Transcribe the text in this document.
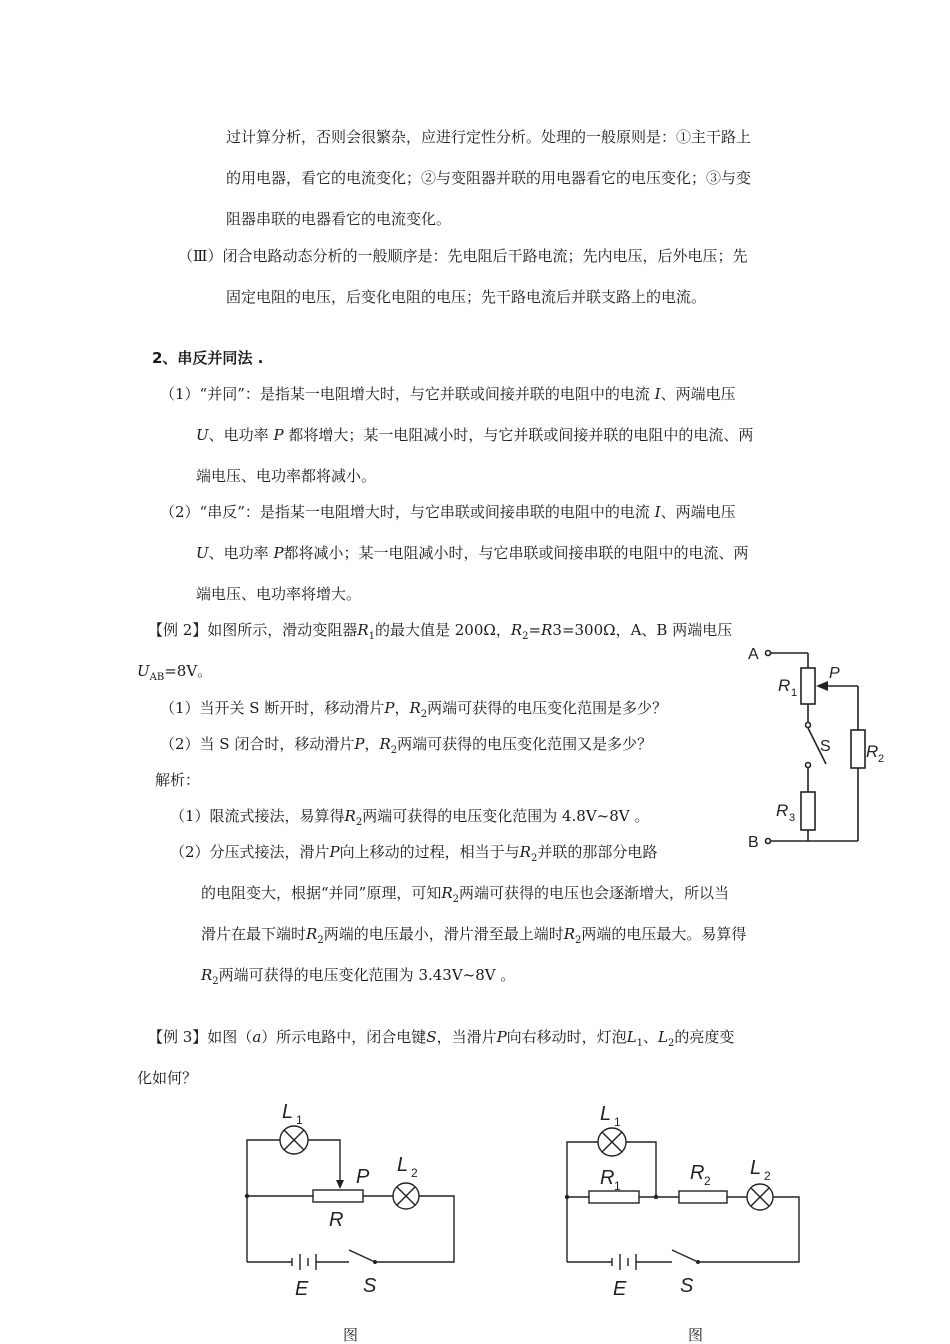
过计算分析，否则会很繁杂，应进行定性分析。处理的一般原则是：①主干路上
的用电器，看它的电流变化；②与变阻器并联的用电器看它的电压变化；③与变
阻器串联的电器看它的电流变化。
（Ⅲ）闭合电路动态分析的一般顺序是：先电阻后干路电流；先内电压，后外电压；先
固定电阻的电压，后变化电阻的电压；先干路电流后并联支路上的电流。
2、串反并同法 .
（1）“并同”：是指某一电阻增大时，与它并联或间接并联的电阻中的电流 I、两端电压
U、电功率 P 都将增大；某一电阻减小时，与它并联或间接并联的电阻中的电流、两
端电压、电功率都将减小。
（2）“串反”：是指某一电阻增大时，与它串联或间接串联的电阻中的电流 I、两端电压
U、电功率 P都将减小；某一电阻减小时，与它串联或间接串联的电阻中的电流、两
端电压、电功率将增大。
【例 2】如图所示，滑动变阻器$R_1$的最大值是 200Ω，$R_2=R3=300\Omega$，A、B 两端电压
$U_{AB}=8V$。
（1）当开关 S 断开时，移动滑片P，$R_2$两端可获得的电压变化范围是多少？
（2）当 S 闭合时，移动滑片P，$R_2$两端可获得的电压变化范围又是多少？
解析：
（1）限流式接法，易算得$R_2$两端可获得的电压变化范围为 4.8V~8V 。
（2）分压式接法，滑片P向上移动的过程，相当于与$R_2$并联的那部分电路
的电阻变大，根据“并同”原理，可知$R_2$两端可获得的电压也会逐渐增大，所以当
滑片在最下端时$R_2$两端的电压最小，滑片滑至最上端时$R_2$两端的电压最大。易算得
$R_2$两端可获得的电压变化范围为 3.43V~8V 。
【例 3】如图（a）所示电路中，闭合电键S，当滑片P向右移动时，灯泡$L_1$、$L_2$的亮度变
化如何？
A
B
R 1
P
S R 2
R 3
L 1
P
L 2
R
E	S
图
L 1
R 1
R 2
L 2
E	S
图
